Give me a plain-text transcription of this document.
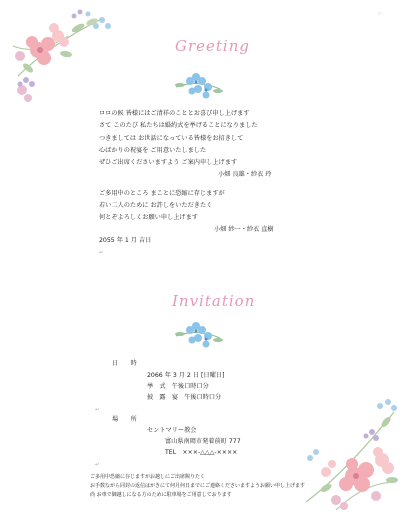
⸝
Greeting
ロロの候 皆様にはご清祥のこととお喜び申し上げます
さて このたび 私たちは婚約式を挙げることになりました
つきましては お世話になっている皆様をお招きして
心ばかりの祝宴を ご用意いたしました
ぜひご出席くださいますよう ご案内申し上げます
小畑 良雄・紗衣 玲
ご多用中のところ まことに恐縮に存じますが
若い二人のために お許しをいただきたく
何とぞよろしくお願い申し上げます
小畑 紗一・紗衣 直樹
2055 年 1 月 吉日
↵
Invitation
日　　時
2066 年 3 月 2 日 [日曜日]
挙　式　午後口時口分
披　露　宴　午後口時口分
↵
場　　所
セントマリー教会
富山県南岡市発着前町 777
TEL　×××-△△△-××××
↵
ご多用中恐縮に存じますがお越しにご出席賜りたく
お手数ながら同封の返信はがきにて何月何日までにご連絡くださいますようお願い申し上げます
尚 お車で御越しになる方のために駐車場をご用意しております
